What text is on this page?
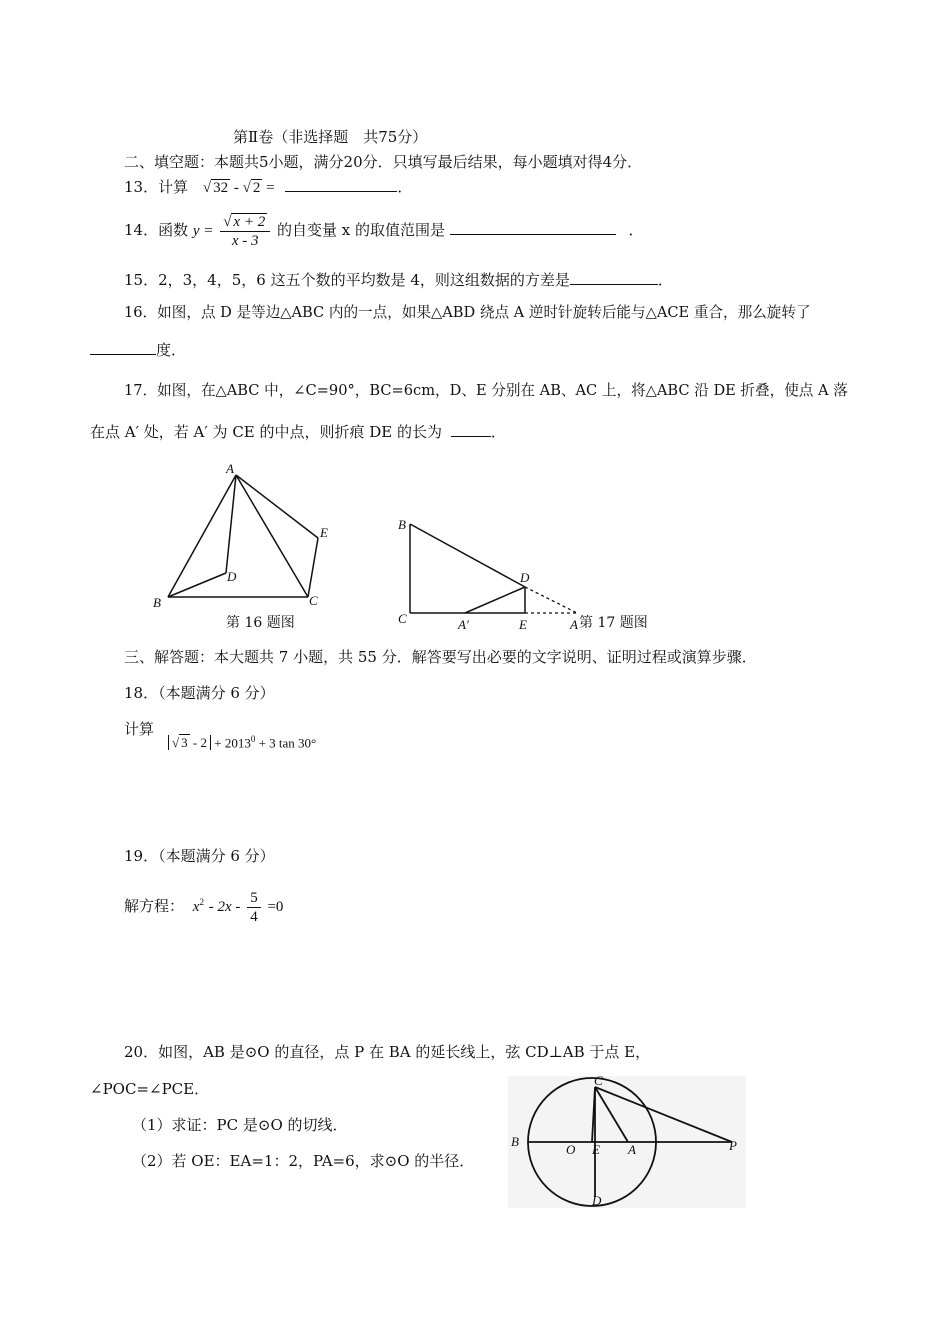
第Ⅱ卷（非选择题　共75分）
二、填空题：本题共5小题，满分20分．只填写最后结果，每小题填对得4分．
13．计算 √ 32 - √ 2 =	．
14．函数 $y = \frac{√ x + 2}{x - 3}$ 的自变量 x 的取值范围是	．
15．2，3，4，5，6 这五个数的平均数是 4，则这组数据的方差是	．
16．如图，点 D 是等边△ABC 内的一点，如果△ABD 绕点 A 逆时针旋转后能与△ACE 重合，那么旋转了
度．
17．如图，在△ABC 中，∠C=90°，BC=6cm，D、E 分别在 AB、AC 上，将△ABC 沿 DE 折叠，使点 A 落
在点 A′ 处，若 A′ 为 CE 的中点，则折痕 DE 的长为	．
A
B	C
D
E
第 16 题图
B
C
D
E
A′	A 第 17 题图
三、解答题：本大题共 7 小题，共 55 分．解答要写出必要的文字说明、证明过程或演算步骤．
18．（本题满分 6 分）
计算
√ $3 - 2 + 2013^0 + 3$ tan 30°
19．（本题满分 6 分）
解方程： $x^2 - 2x - \frac{5}{4} =0$
20．如图，AB 是⊙O 的直径，点 P 在 BA 的延长线上，弦 CD⊥AB 于点 E，
∠POC=∠PCE．
（1）求证：PC 是⊙O 的切线．
（2）若 OE：EA=1：2，PA=6，求⊙O 的半径．
B
O E A	P
C
D
